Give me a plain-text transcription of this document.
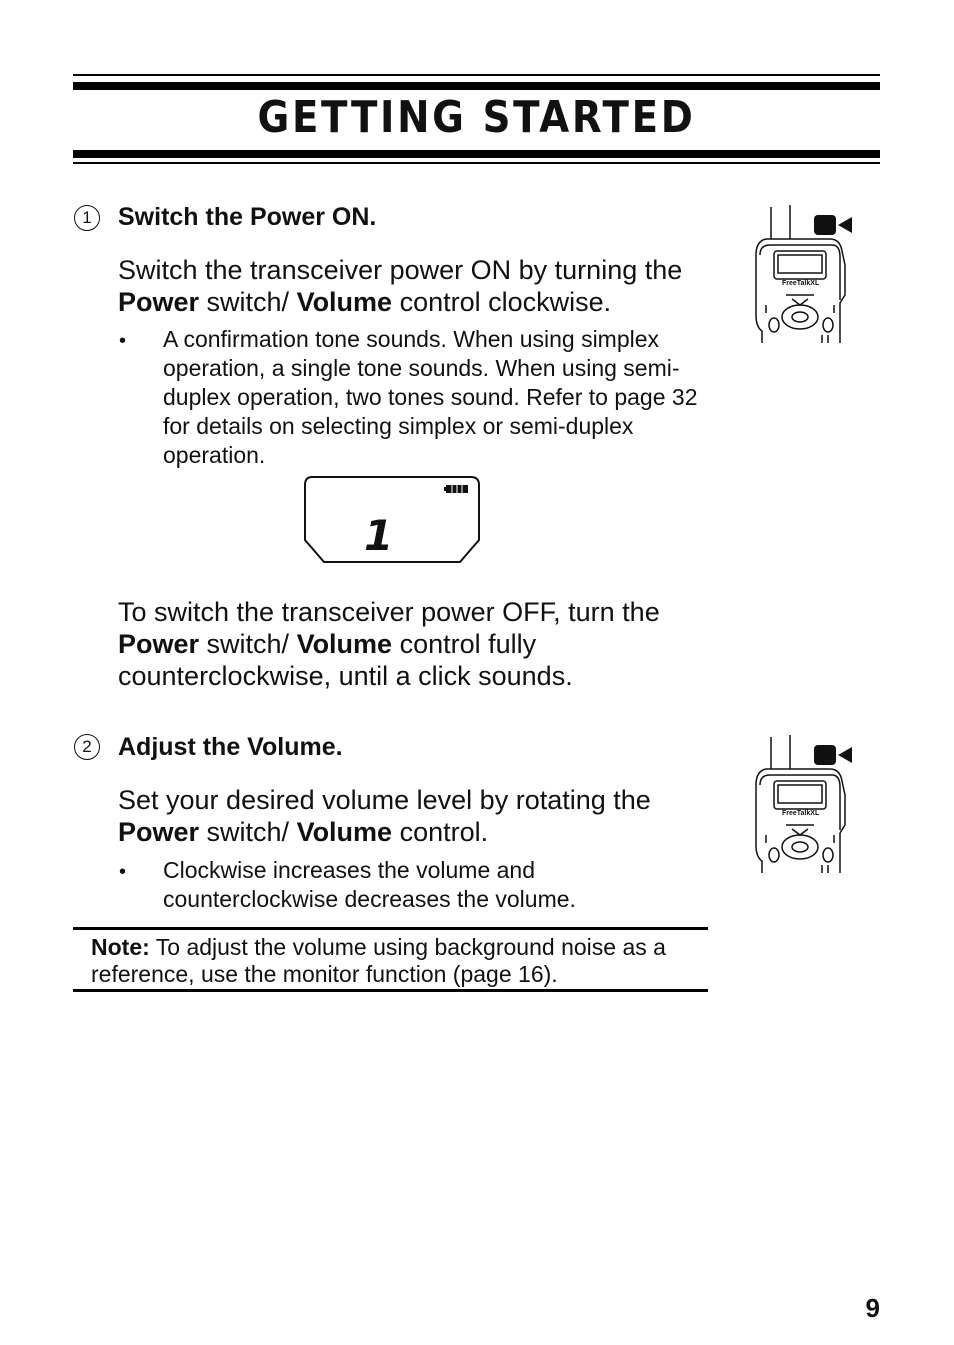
GETTING STARTED
1	Switch the Power ON.
Switch the transceiver power ON by turning the Power switch/ Volume control clockwise.
• A confirmation tone sounds. When using simplex operation, a single tone sounds. When using semi-duplex operation, two tones sound. Refer to page 32 for details on selecting simplex or semi-duplex operation.
1
To switch the transceiver power OFF, turn the Power switch/ Volume control fully counterclockwise, until a click sounds.
2	Adjust the Volume.
Set your desired volume level by rotating the Power switch/ Volume control.
• Clockwise increases the volume and counterclockwise decreases the volume.
Note: To adjust the volume using background noise as a reference, use the monitor function (page 16).
FreeTalkXL
FreeTalkXL
9
